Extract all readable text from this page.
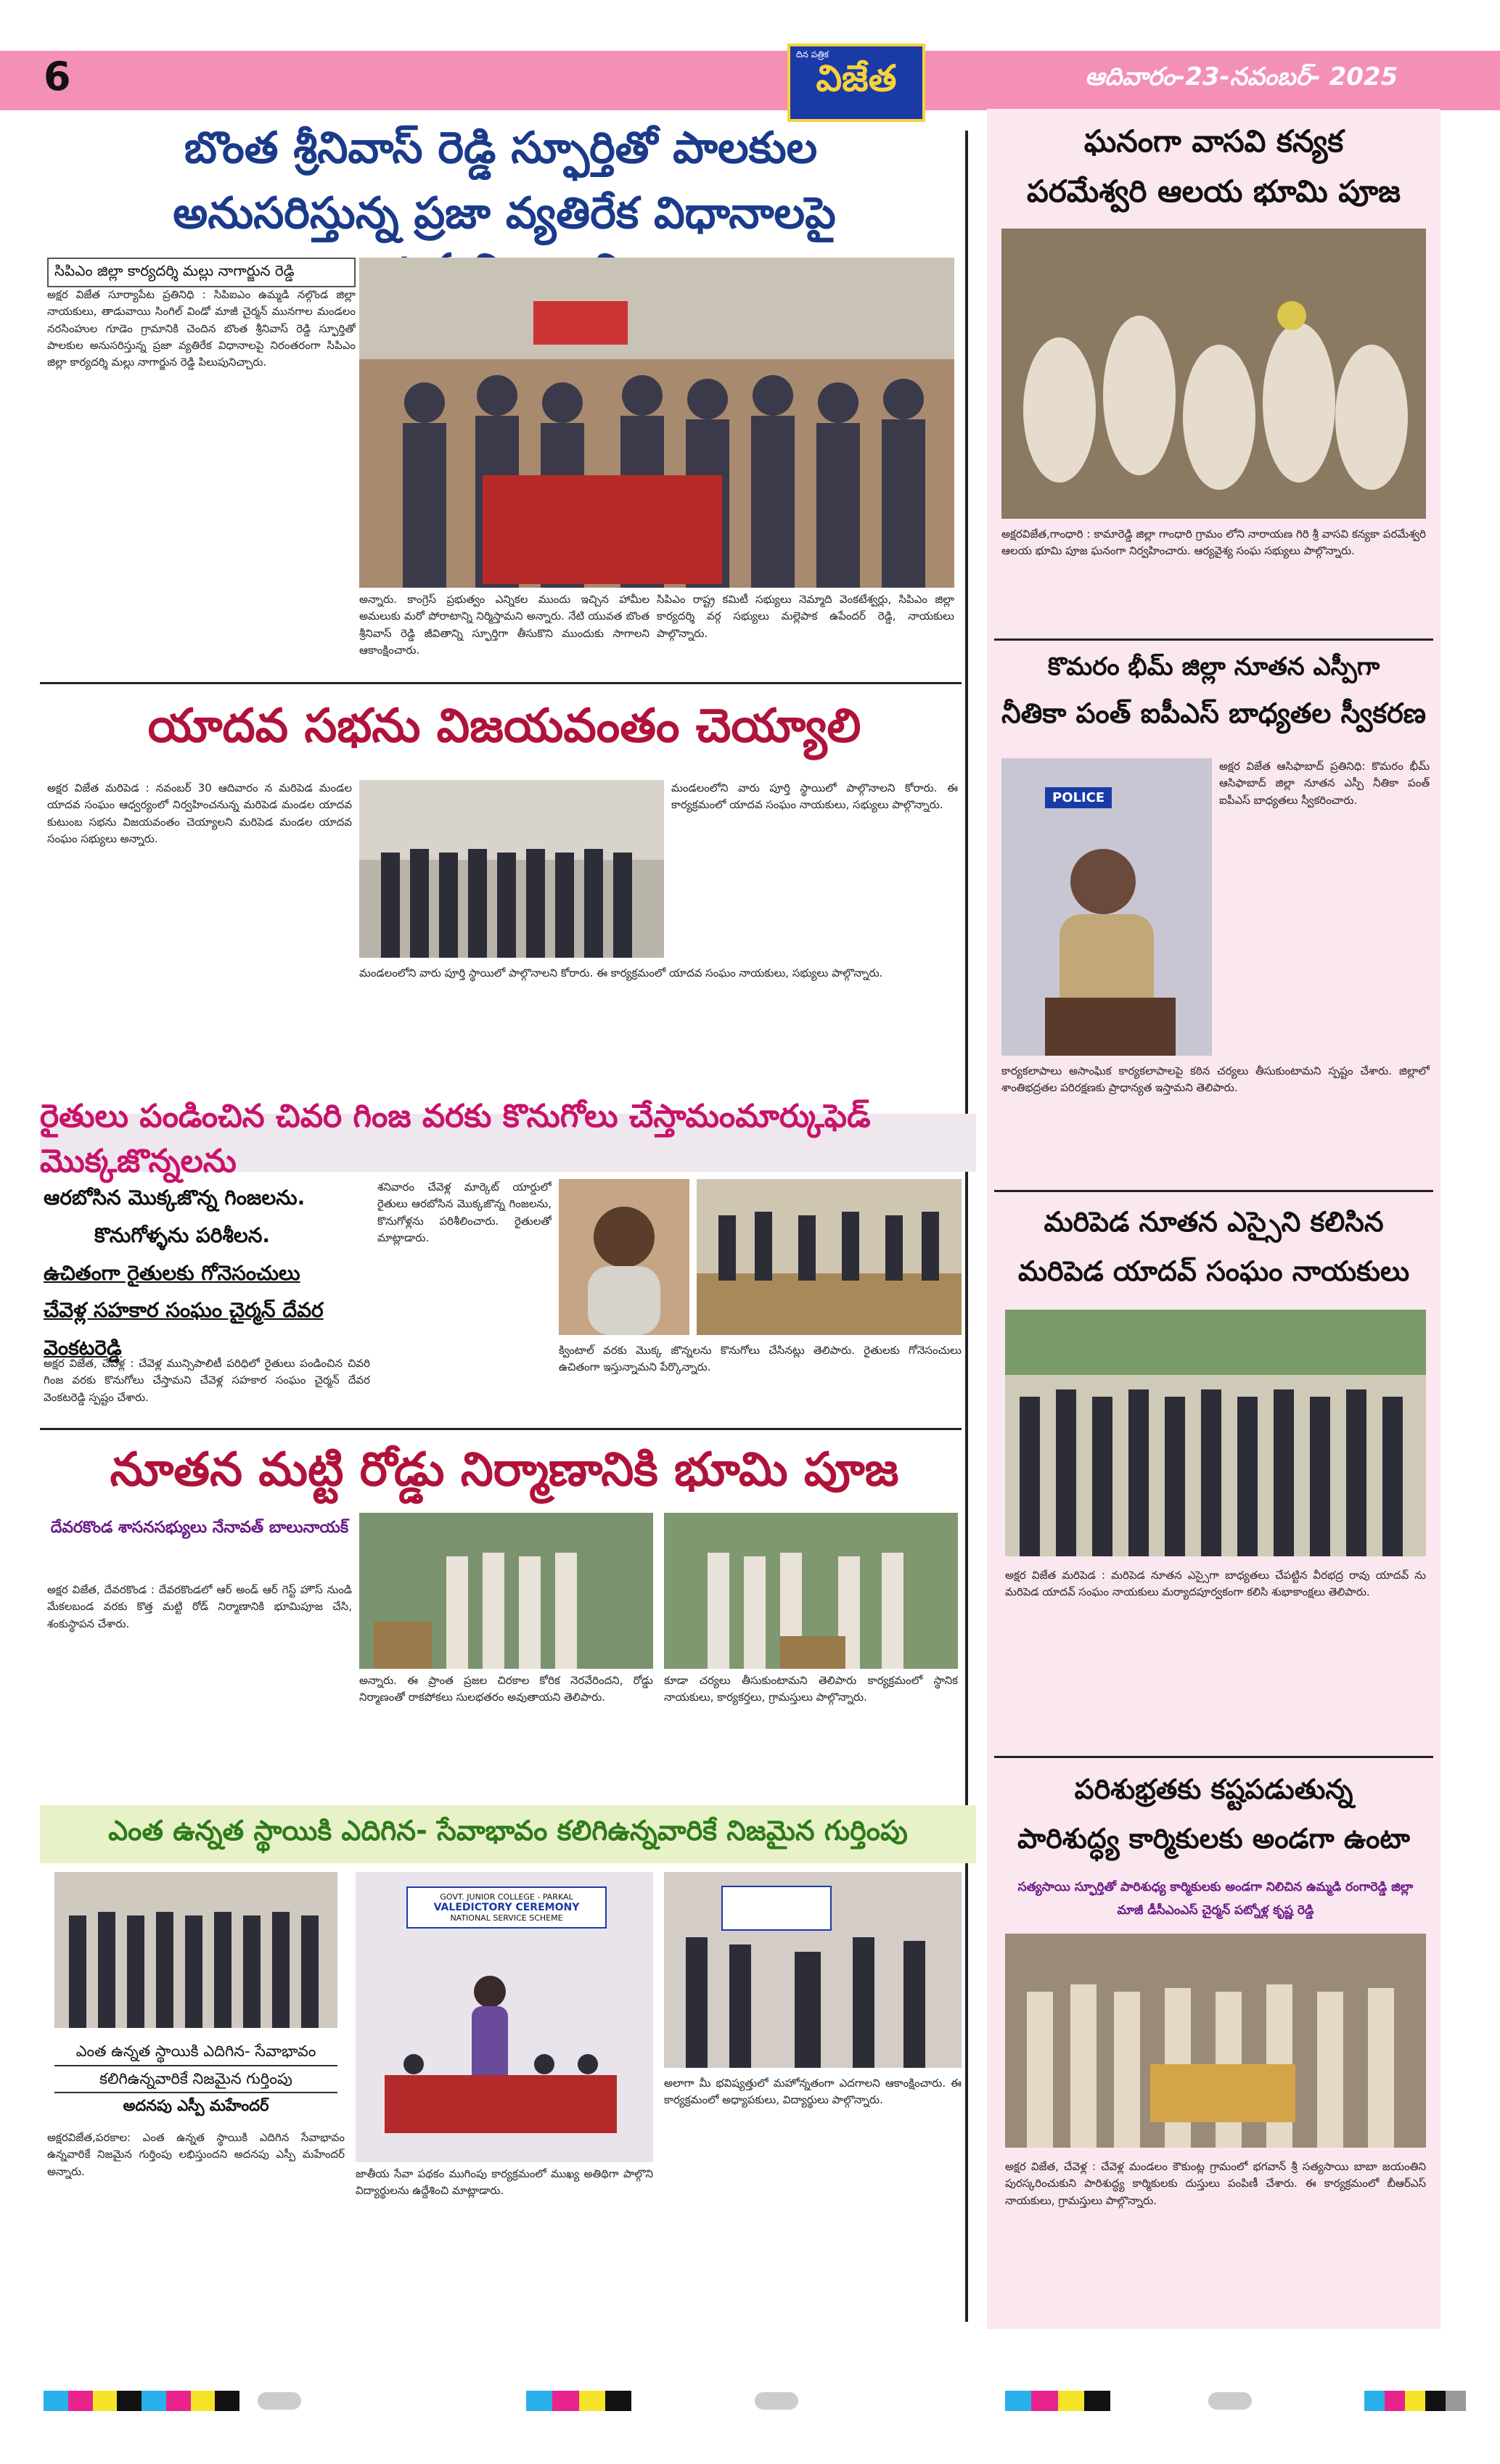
6	దిన పత్రిక
విజేత	ఆదివారం-23-నవంబర్- 2025
బొంత శ్రీనివాస్ రెడ్డి స్ఫూర్తితో పాలకుల
అనుసరిస్తున్న ప్రజా వ్యతిరేక విధానాలపై
సిపిఎం జిల్లా కార్యదర్శి మల్లు నాగార్జున రెడ్డి
అక్షర విజేత సూర్యాపేట ప్రతినిధి : సిపిఐఎం ఉమ్మడి నల్గొండ జిల్లా నాయకులు, తాడువాయి సింగిల్ విండో మాజీ చైర్మన్ మునగాల మండలం నరసింహుల గూడెం గ్రామానికి చెందిన బొంత శ్రీనివాస్ రెడ్డి స్ఫూర్తితో పాలకుల అనుసరిస్తున్న ప్రజా వ్యతిరేక విధానాలపై నిరంతరంగా సిపిఎం జిల్లా కార్యదర్శి మల్లు నాగార్జున రెడ్డి పిలుపునిచ్చారు.
అన్నారు. కాంగ్రెస్ ప్రభుత్వం ఎన్నికల ముందు ఇచ్చిన హామీల అమలుకు మరో పోరాటాన్ని నిర్మిస్తామని అన్నారు. నేటి యువత బొంత శ్రీనివాస్ రెడ్డి జీవితాన్ని స్ఫూర్తిగా తీసుకొని ముందుకు సాగాలని ఆకాంక్షించారు.
సిపిఎం రాష్ట్ర కమిటీ సభ్యులు నెమ్మాది వెంకటేశ్వర్లు, సిపిఎం జిల్లా కార్యదర్శి వర్గ సభ్యులు మల్లెపాక ఉపేందర్ రెడ్డి, నాయకులు పాల్గొన్నారు.
యాదవ సభను విజయవంతం చెయ్యాలి
అక్షర విజేత మరిపెడ : నవంబర్ 30 ఆదివారం న మరిపెడ మండల యాదవ సంఘం ఆధ్వర్యంలో నిర్వహించనున్న మరిపెడ మండల యాదవ కుటుంబ సభను విజయవంతం చెయ్యాలని మరిపెడ మండల యాదవ సంఘం సభ్యులు అన్నారు.
మండలంలోని వారు పూర్తి స్థాయిలో పాల్గొనాలని కోరారు. ఈ కార్యక్రమంలో యాదవ సంఘం నాయకులు, సభ్యులు పాల్గొన్నారు.
మండలంలోని వారు పూర్తి స్థాయిలో పాల్గొనాలని కోరారు. ఈ కార్యక్రమంలో యాదవ సంఘం నాయకులు, సభ్యులు పాల్గొన్నారు.
రైతులు పండించిన చివరి గింజ వరకు కొనుగోలు చేస్తామంమార్కుఫెడ్ మొక్కజొన్నలను
ఆరబోసిన మొక్కజొన్న గింజలను.
కొనుగోళ్ళను పరిశీలన.
ఉచితంగా రైతులకు గోనెసంచులు
చేవెళ్ల సహకార సంఘం చైర్మన్ దేవర
వెంకటరెడ్డి
అక్షర విజేత, చేవెళ్ల : చేవెళ్ల మున్సిపాలిటీ పరిధిలో రైతులు పండించిన చివరి గింజ వరకు కొనుగోలు చేస్తామని చేవెళ్ల సహకార సంఘం చైర్మన్ దేవర వెంకటరెడ్డి స్పష్టం చేశారు.
శనివారం చేవెళ్ల మార్కెట్ యార్డులో రైతులు ఆరబోసిన మొక్కజొన్న గింజలను, కొనుగోళ్లను పరిశీలించారు. రైతులతో మాట్లాడారు.
క్వింటాల్ వరకు మొక్క జొన్నలను కొనుగోలు చేసినట్లు తెలిపారు. రైతులకు గోనెసంచులు ఉచితంగా ఇస్తున్నామని పేర్కొన్నారు.
నూతన మట్టి రోడ్డు నిర్మాణానికి భూమి పూజ
దేవరకొండ శాసనసభ్యులు నేనావత్ బాలునాయక్
అక్షర విజేత, దేవరకొండ : దేవరకొండలో ఆర్ అండ్ ఆర్ గెస్ట్ హౌస్ నుండి మేకలబండ వరకు కొత్త మట్టి రోడ్ నిర్మాణానికి భూమిపూజ చేసి, శంకుస్థాపన చేశారు.
అన్నారు. ఈ ప్రాంత ప్రజల చిరకాల కోరిక నెరవేరిందని, రోడ్డు నిర్మాణంతో రాకపోకలు సులభతరం అవుతాయని తెలిపారు.
కూడా చర్యలు తీసుకుంటామని తెలిపారు కార్యక్రమంలో స్థానిక నాయకులు, కార్యకర్తలు, గ్రామస్తులు పాల్గొన్నారు.
ఎంత ఉన్నత స్థాయికి ఎదిగిన- సేవాభావం కలిగిఉన్నవారికే నిజమైన గుర్తింపు
ఎంత ఉన్నత స్థాయికి ఎదిగిన- సేవాభావం
కలిగిఉన్నవారికే నిజమైన గుర్తింపు
అదనపు ఎస్పీ మహేందర్
అక్షరవిజేత,పరకాల: ఎంత ఉన్నత స్థాయికి ఎదిగిన సేవాభావం ఉన్నవారికే నిజమైన గుర్తింపు లభిస్తుందని అదనపు ఎస్పీ మహేందర్ అన్నారు.
GOVT. JUNIOR COLLEGE - PARKAL
VALEDICTORY CEREMONY
NATIONAL SERVICE SCHEME
జాతీయ సేవా పథకం ముగింపు కార్యక్రమంలో ముఖ్య అతిథిగా పాల్గొని విద్యార్థులను ఉద్దేశించి మాట్లాడారు.
అలాగా మీ భవిష్యత్తులో మహోన్నతంగా ఎదగాలని ఆకాంక్షించారు. ఈ కార్యక్రమంలో అధ్యాపకులు, విద్యార్థులు పాల్గొన్నారు.
ఘనంగా వాసవి కన్యక
పరమేశ్వరి ఆలయ భూమి పూజ
అక్షరవిజేత,గాంధారి : కామారెడ్డి జిల్లా గాంధారి గ్రామం లోని నారాయణ గిరి శ్రీ వాసవి కన్యకా పరమేశ్వరి ఆలయ భూమి పూజ ఘనంగా నిర్వహించారు. ఆర్యవైశ్య సంఘ సభ్యులు పాల్గొన్నారు.
కొమరం భీమ్ జిల్లా నూతన ఎస్పీగా
నీతికా పంత్ ఐపీఎస్ బాధ్యతల స్వీకరణ
POLICE
అక్షర విజేత ఆసిఫాబాద్ ప్రతినిధి: కొమరం భీమ్ ఆసిఫాబాద్ జిల్లా నూతన ఎస్పీ నీతికా పంత్ ఐపీఎస్ బాధ్యతలు స్వీకరించారు.
కార్యకలాపాలు అసాంఘిక కార్యకలాపాలపై కఠిన చర్యలు తీసుకుంటామని స్పష్టం చేశారు. జిల్లాలో శాంతిభద్రతల పరిరక్షణకు ప్రాధాన్యత ఇస్తామని తెలిపారు.
మరిపెడ నూతన ఎస్సైని కలిసిన
మరిపెడ యాదవ్ సంఘం నాయకులు
అక్షర విజేత మరిపెడ : మరిపెడ నూతన ఎస్సైగా బాధ్యతలు చేపట్టిన వీరభద్ర రావు యాదవ్ ను మరిపెడ యాదవ్ సంఘం నాయకులు మర్యాదపూర్వకంగా కలిసి శుభాకాంక్షలు తెలిపారు.
పరిశుభ్రతకు కష్టపడుతున్న
పారిశుద్ధ్య కార్మికులకు అండగా ఉంటా
సత్యసాయి స్ఫూర్తితో పారిశుధ్య కార్మికులకు అండగా నిలిచిన ఉమ్మడి రంగారెడ్డి జిల్లా
మాజీ డీసీఎంఎస్ చైర్మన్ పట్నోళ్ల కృష్ణ రెడ్డి
అక్షర విజేత, చేవెళ్ల : చేవెళ్ల మండలం కౌకుంట్ల గ్రామంలో భగవాన్ శ్రీ సత్యసాయి బాబా జయంతిని పురస్కరించుకుని పారిశుద్ధ్య కార్మికులకు దుస్తులు పంపిణీ చేశారు. ఈ కార్యక్రమంలో బీఆర్ఎస్ నాయకులు, గ్రామస్తులు పాల్గొన్నారు.
